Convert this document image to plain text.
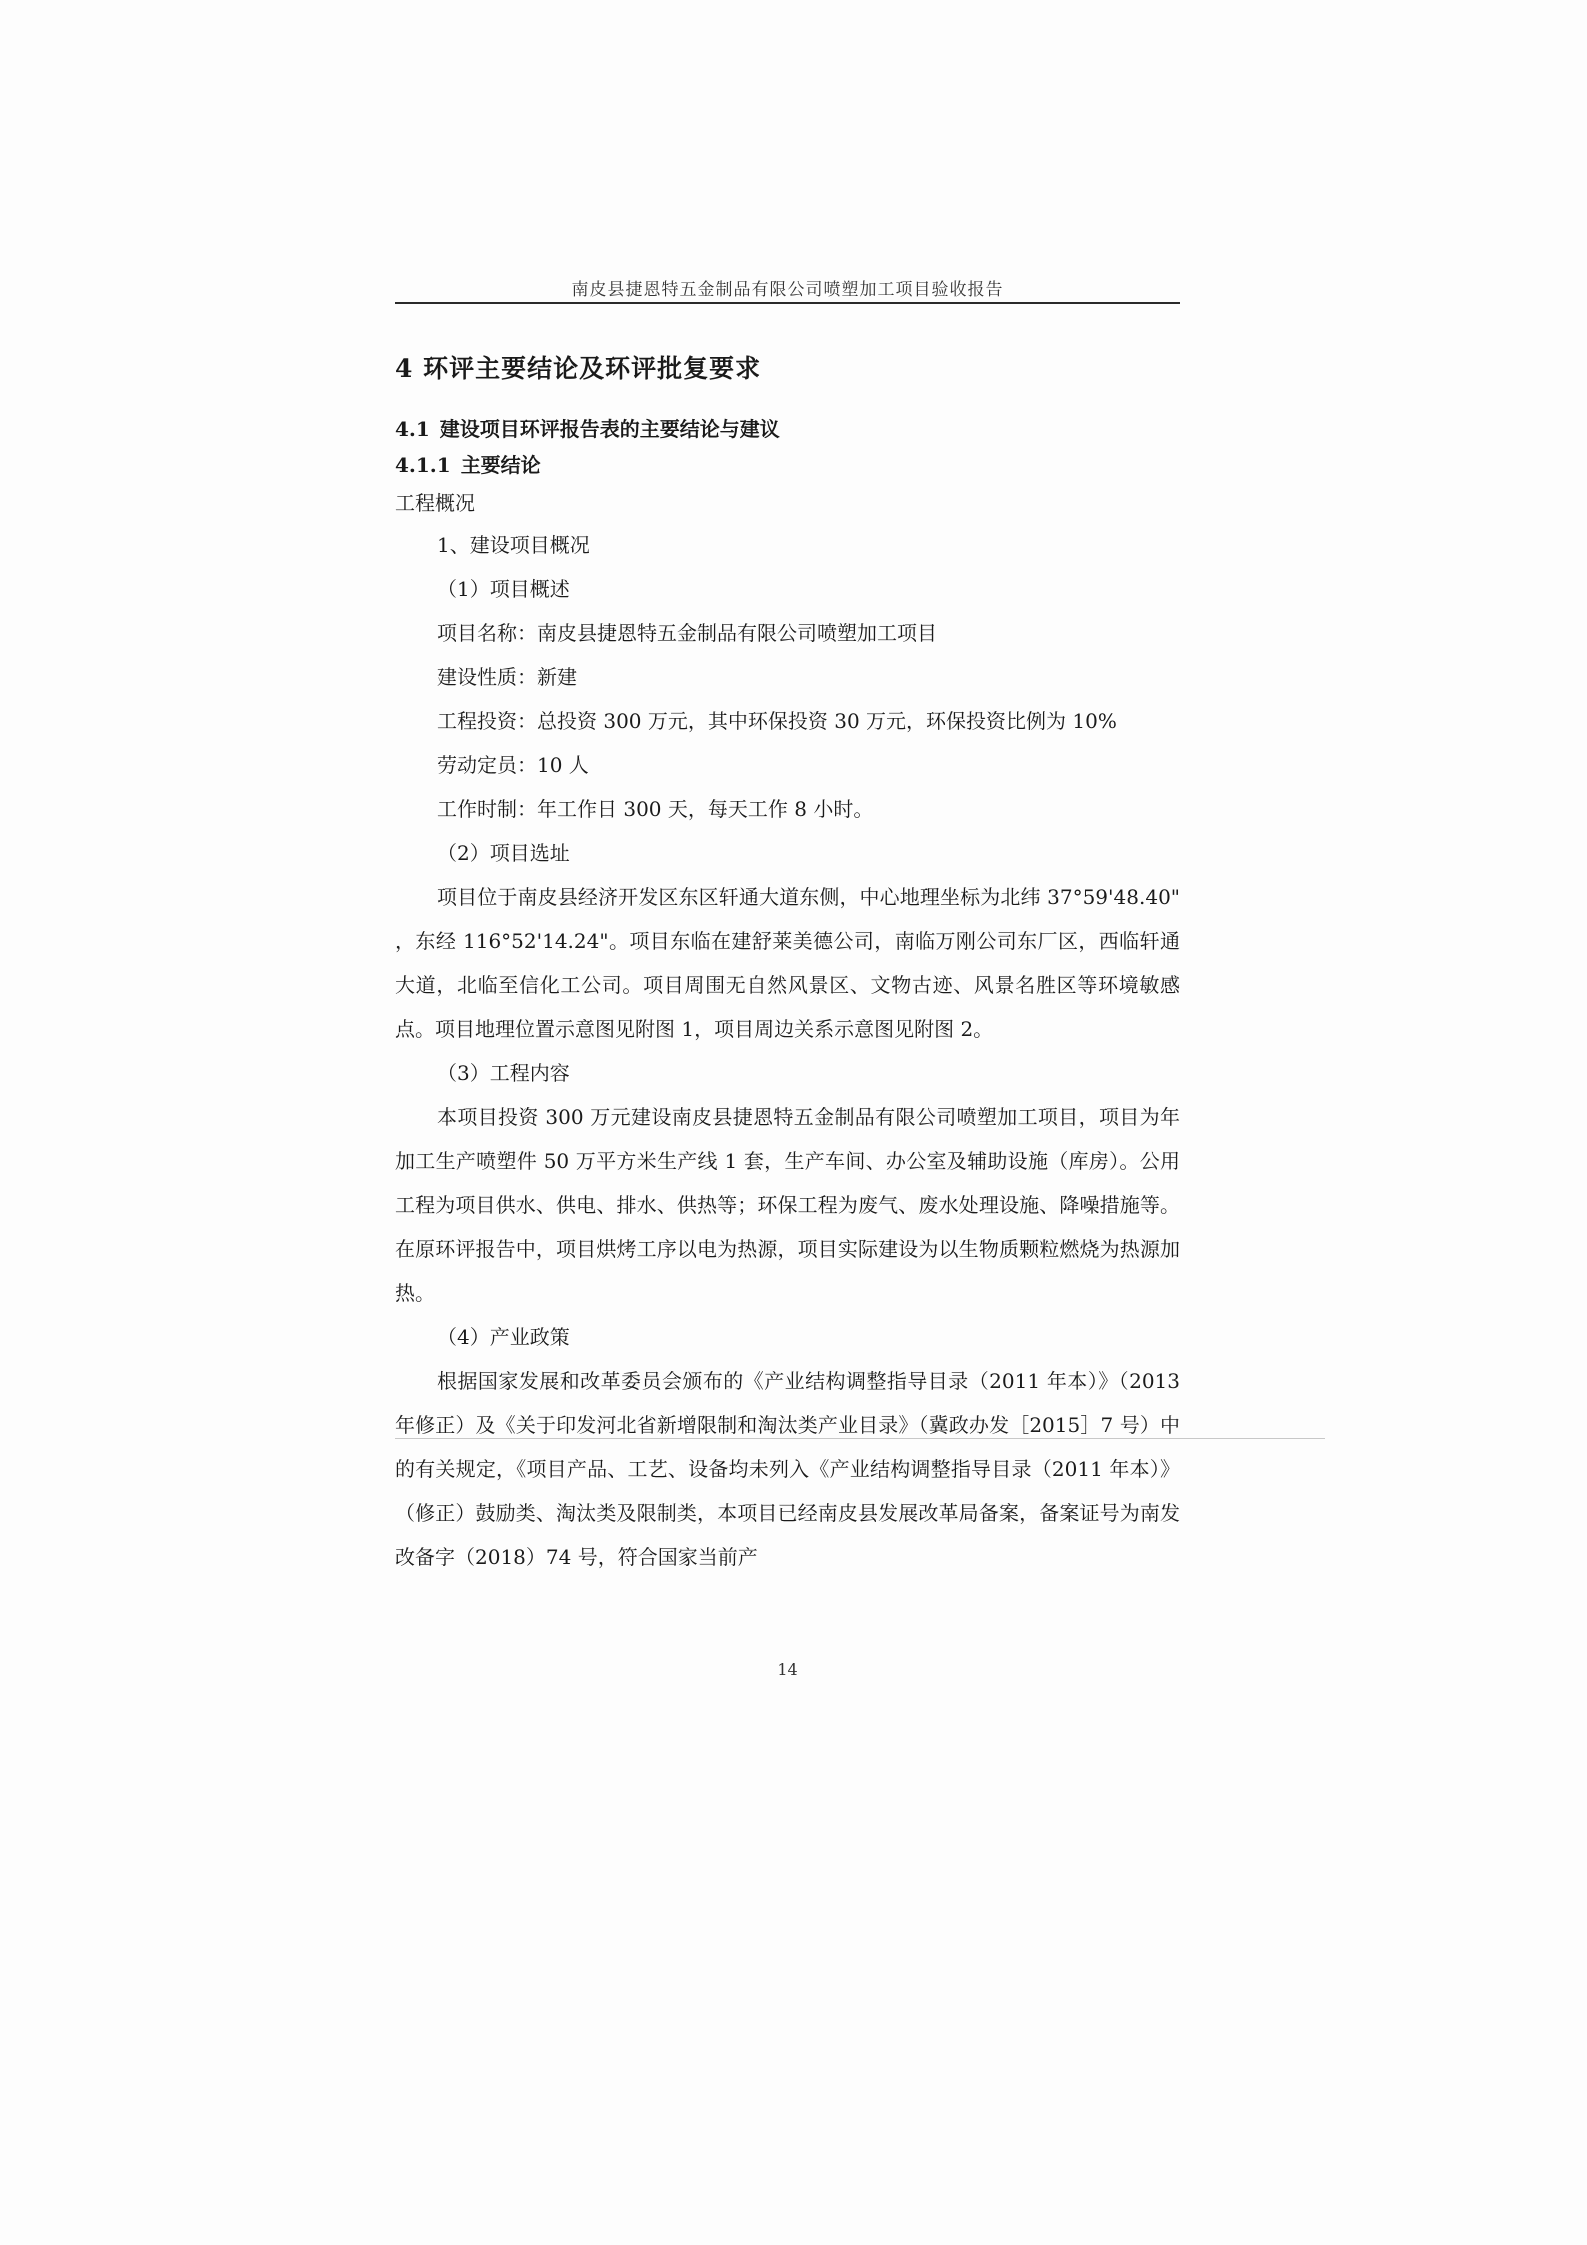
南皮县捷恩特五金制品有限公司喷塑加工项目验收报告
4 环评主要结论及环评批复要求
4.1 建设项目环评报告表的主要结论与建议
4.1.1 主要结论
工程概况
1、建设项目概况
（1）项目概述
项目名称：南皮县捷恩特五金制品有限公司喷塑加工项目
建设性质：新建
工程投资：总投资 300 万元，其中环保投资 30 万元，环保投资比例为 10%
劳动定员：10 人
工作时制：年工作日 300 天，每天工作 8 小时。
（2）项目选址

项目位于南皮县经济开发区东区轩通大道东侧，中心地理坐标为北纬 37°59'48.40" ，东经 116°52'14.24"。项目东临在建舒莱美德公司，南临万刚公司东厂区，西临轩通大道，北临至信化工公司。项目周围无自然风景区、文物古迹、风景名胜区等环境敏感点。项目地理位置示意图见附图 1，项目周边关系示意图见附图 2。

（3）工程内容

本项目投资 300 万元建设南皮县捷恩特五金制品有限公司喷塑加工项目，项目为年加工生产喷塑件 50 万平方米生产线 1 套，生产车间、办公室及辅助设施（库房）。公用工程为项目供水、供电、排水、供热等；环保工程为废气、废水处理设施、降噪措施等。在原环评报告中，项目烘烤工序以电为热源，项目实际建设为以生物质颗粒燃烧为热源加热。

（4）产业政策

根据国家发展和改革委员会颁布的《产业结构调整指导目录（2011 年本）》（2013 年修正）及《关于印发河北省新增限制和淘汰类产业目录》（冀政办发［2015］7 号）中的有关规定，《项目产品、工艺、设备均未列入《产业结构调整指导目录（2011 年本）》（修正）鼓励类、淘汰类及限制类，本项目已经南皮县发展改革局备案，备案证号为南发改备字（2018）74 号，符合国家当前产

14
